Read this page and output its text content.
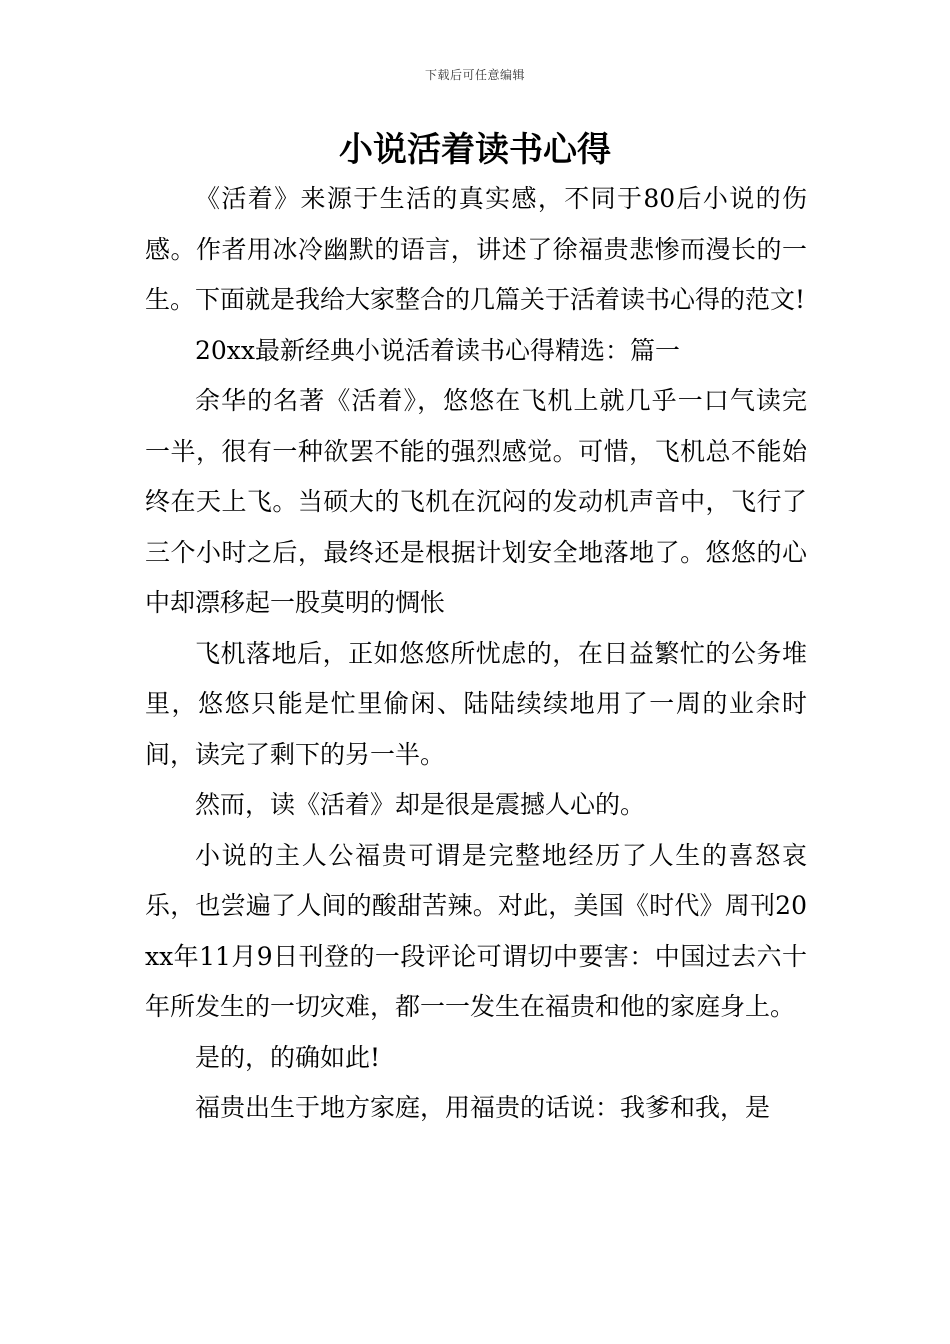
下载后可任意编辑
小说活着读书心得

《活着》来源于生活的真实感，不同于80后小说的伤感。作者用冰冷幽默的语言，讲述了徐福贵悲惨而漫长的一生。下面就是我给大家整合的几篇关于活着读书心得的范文!

20xx最新经典小说活着读书心得精选：篇一

余华的名著《活着》，悠悠在飞机上就几乎一口气读完一半，很有一种欲罢不能的强烈感觉。可惜，飞机总不能始终在天上飞。当硕大的飞机在沉闷的发动机声音中，飞行了三个小时之后，最终还是根据计划安全地落地了。悠悠的心中却漂移起一股莫明的惆怅

飞机落地后，正如悠悠所忧虑的，在日益繁忙的公务堆里，悠悠只能是忙里偷闲、陆陆续续地用了一周的业余时间，读完了剩下的另一半。

然而，读《活着》却是很是震撼人心的。

小说的主人公福贵可谓是完整地经历了人生的喜怒哀乐，也尝遍了人间的酸甜苦辣。对此，美国《时代》周刊20xx年11月9日刊登的一段评论可谓切中要害：中国过去六十年所发生的一切灾难，都一一发生在福贵和他的家庭身上。

是的，的确如此!

福贵出生于地方家庭，用福贵的话说：我爹和我，是
